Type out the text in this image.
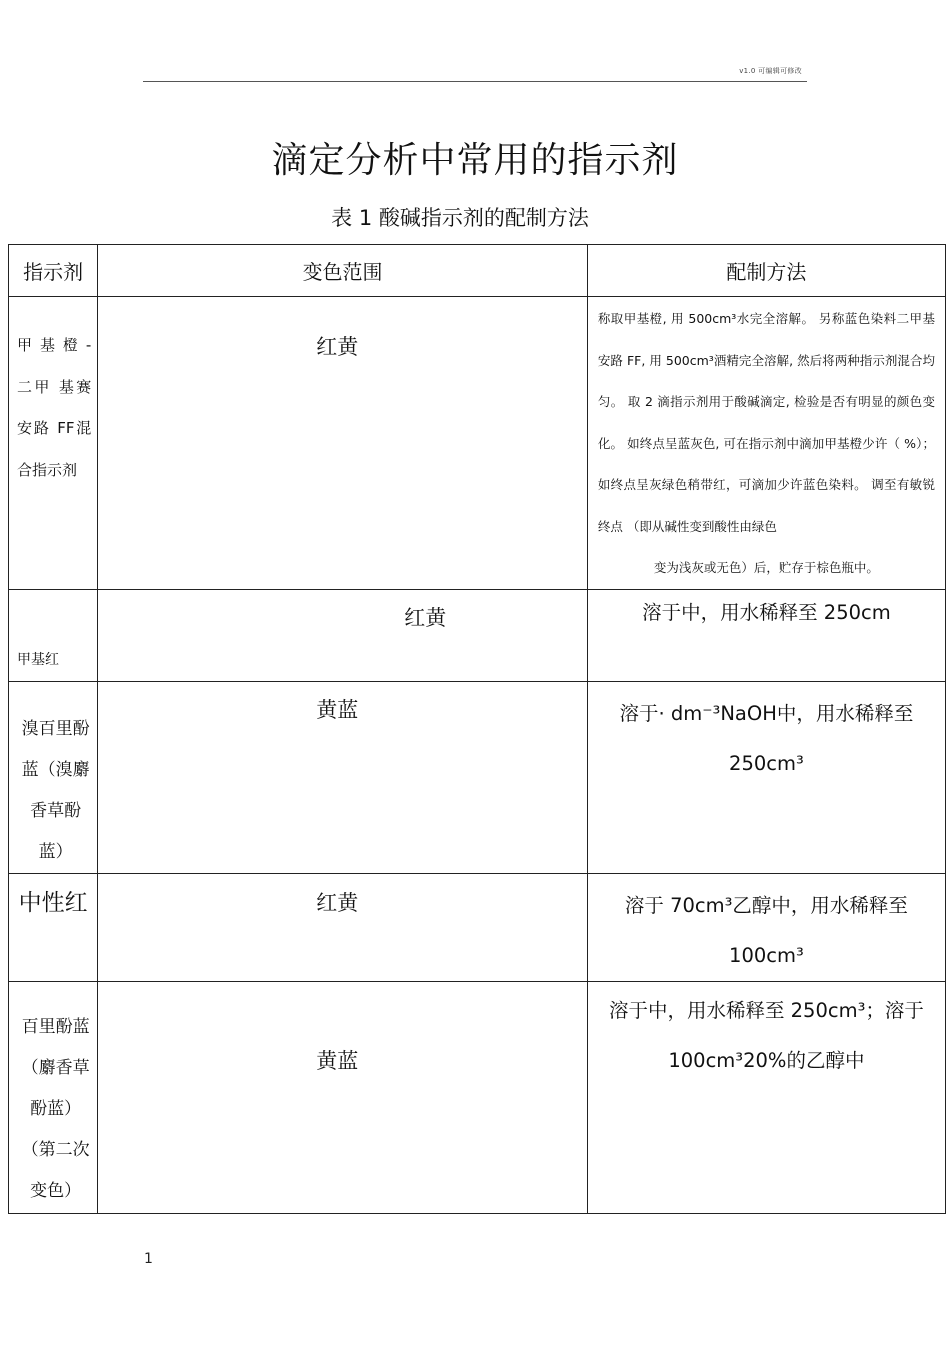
v1.0 可编辑可修改
滴定分析中常用的指示剂
表 1 酸碱指示剂的配制方法
指示剂	变色范围	配制方法

甲 基 橙 -二甲 基赛安路 FF混合指示剂	红黄	称取甲基橙, 用 500cm³水完全溶解。 另称蓝色染料二甲基安路 FF, 用 500cm³酒精完全溶解, 然后将两种指示剂混合均匀。 取 2 滴指示剂用于酸碱滴定, 检验是否有明显的颜色变化。 如终点呈蓝灰色, 可在指示剂中滴加甲基橙少许（ %）；如终点呈灰绿色稍带红，可滴加少许蓝色染料。 调至有敏锐终点 （即从碱性变到酸性由绿色
变为浅灰或无色）后，贮存于棕色瓶中。

甲基红	红黄	溶于中，用水稀释至 250cm

溴百里酚蓝（溴麝香草酚蓝）	黄蓝	溶于· dm⁻³NaOH中，用水稀释至 250cm³

中性红	红黄	溶于 70cm³乙醇中，用水稀释至 100cm³

百里酚蓝（麝香草酚蓝）（第二次变色）	黄蓝	溶于中，用水稀释至 250cm³；溶于 100cm³20%的乙醇中
1
